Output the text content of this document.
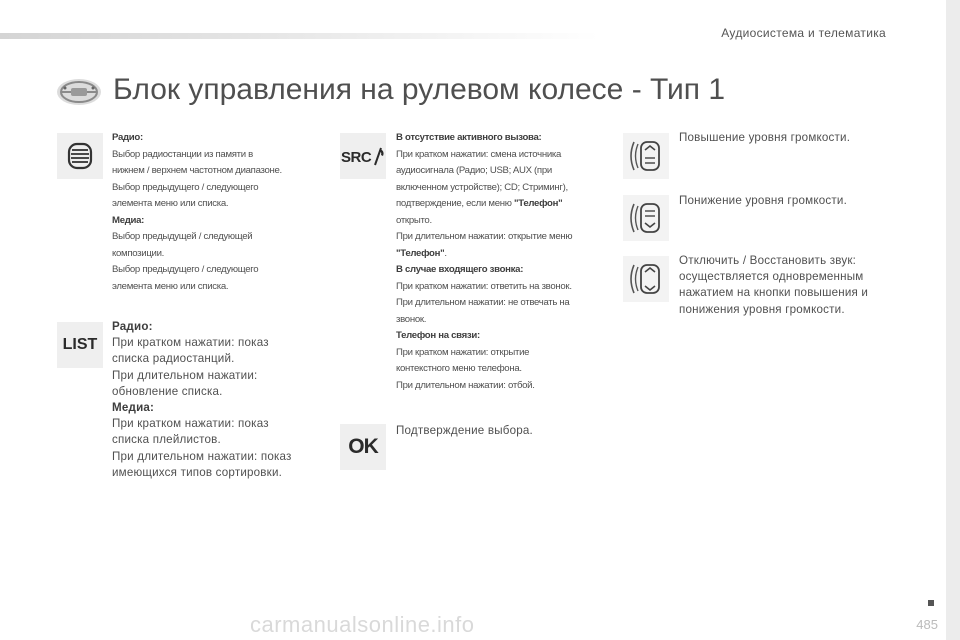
Аудиосистема и телематика
Блок управления на рулевом колесе - Тип 1
Радио:
Выбор радиостанции из памяти в
нижнем / верхнем частотном диапазоне.
Выбор предыдущего / следующего
элемента меню или списка.
Медиа:
Выбор предыдущей / следующей
композиции.
Выбор предыдущего / следующего
элемента меню или списка.
LIST
Радио:
При кратком нажатии: показ
списка радиостанций.
При длительном нажатии:
обновление списка.
Медиа:
При кратком нажатии: показ
списка плейлистов.
При длительном нажатии: показ
имеющихся типов сортировки.
SRC
В отсутствие активного вызова:
При кратком нажатии: смена источника
аудиосигнала (Радио; USB; AUX (при
включенном устройстве); CD; Стриминг),
подтверждение, если меню "Телефон"
открыто.
При длительном нажатии: открытие меню
"Телефон".
В случае входящего звонка:
При кратком нажатии: ответить на звонок.
При длительном нажатии: не отвечать на
звонок.
Телефон на связи:
При кратком нажатии: открытие
контекстного меню телефона.
При длительном нажатии: отбой.
OK
Подтверждение выбора.
Повышение уровня громкости.
Понижение уровня громкости.
Отключить / Восстановить звук:
осуществляется одновременным
нажатием на кнопки повышения и
понижения уровня громкости.
485
carmanualsonline.info
